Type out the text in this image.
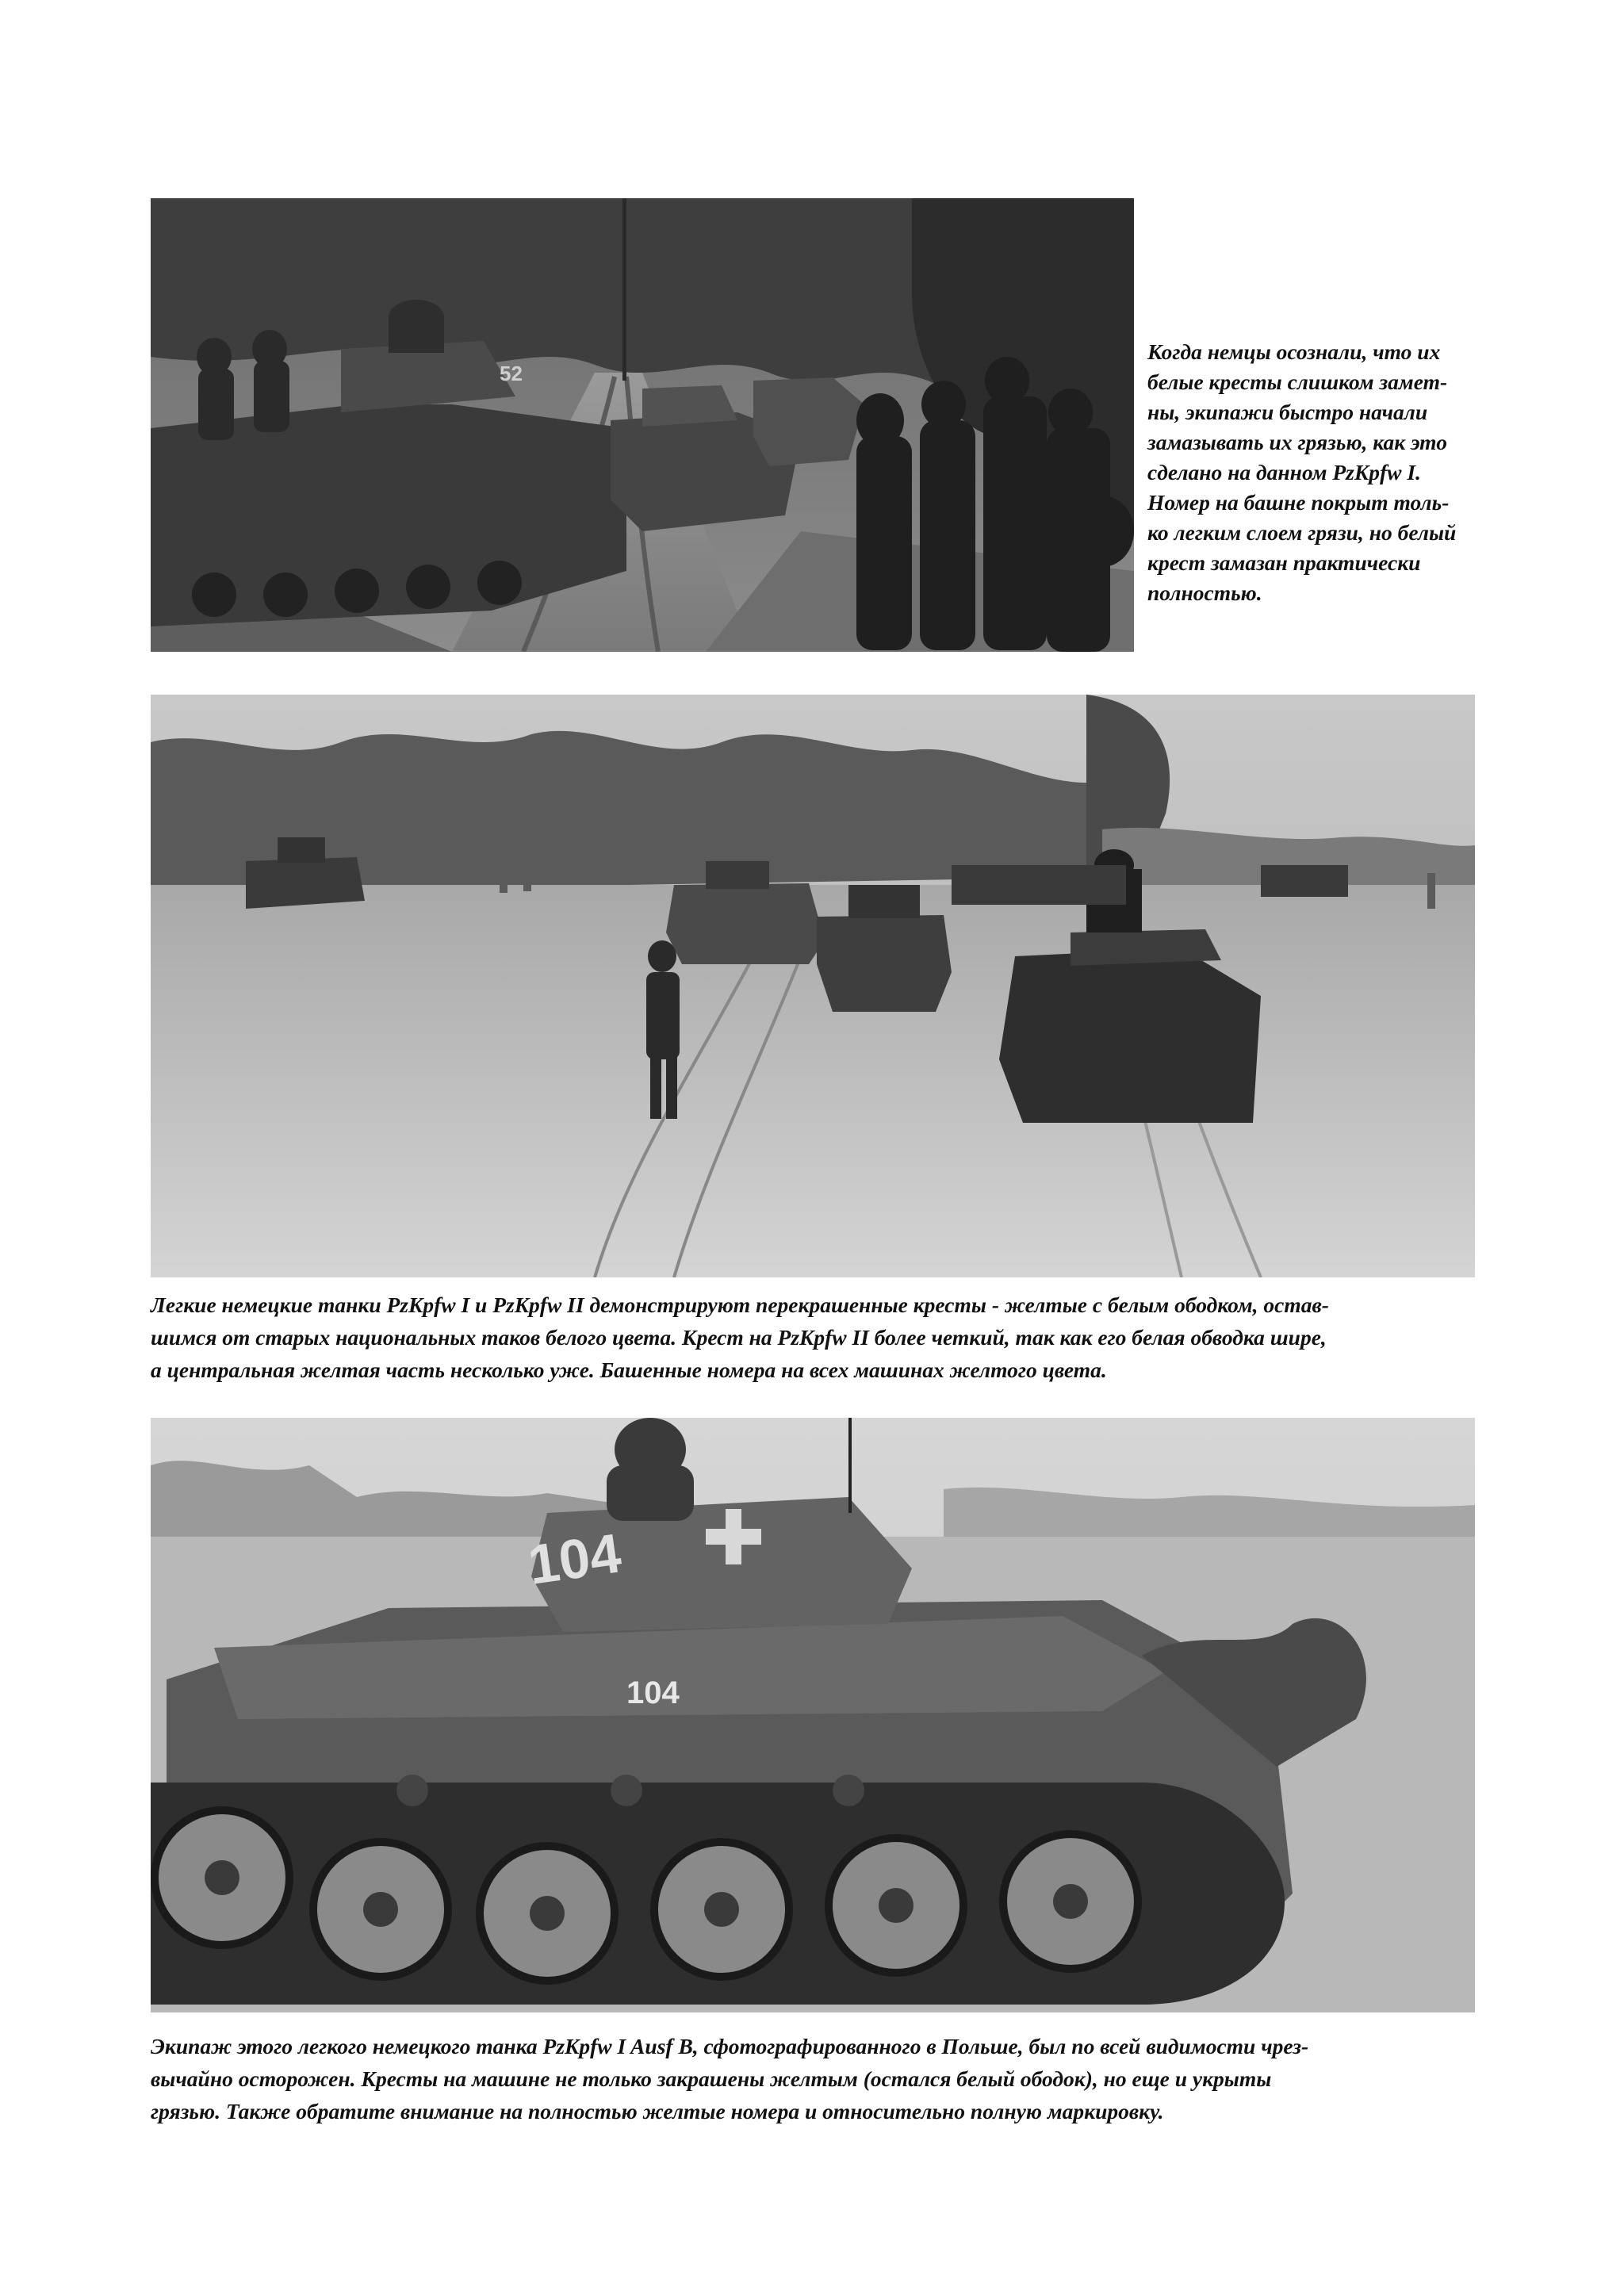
52

Когда немцы осознали, что их
белые кресты слишком замет-
ны, экипажи быстро начали
замазывать их грязью, как это
сделано на данном PzKpfw I.
Номер на башне покрыт толь-
ко легким слоем грязи, но белый
крест замазан практически
полностью.

Легкие немецкие танки PzKpfw I и PzKpfw II демонстрируют перекрашенные кресты - желтые с белым ободком, остав-
шимся от старых национальных таков белого цвета. Крест на PzKpfw II более четкий, так как его белая обводка шире,
а центральная желтая часть несколько уже. Башенные номера на всех машинах желтого цвета.

104
104

Экипаж этого легкого немецкого танка PzKpfw I Ausf B, сфотографированного в Польше, был по всей видимости чрез-
вычайно осторожен. Кресты на машине не только закрашены желтым (остался белый ободок), но еще и укрыты
грязью. Также обратите внимание на полностью желтые номера и относительно полную маркировку.
